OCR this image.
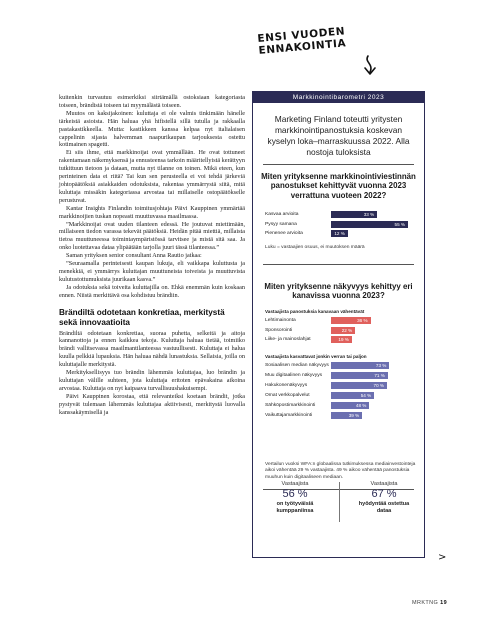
ENSI VUODEN ENNAKOINTIA

kuitenkin turvautuu esimerkiksi siirtämällä ostoksiaan kategoriasta toiseen, brändistä toiseen tai myymälästä toiseen.

Muutos on kaksijakoinen: kuluttaja ei ole valmis tinkimään hänelle tärkeistä asioista. Hän haluaa yhä hifistellä sillä tutulla ja rakkaalla pastakastikkeella. Mutta: kastikkeen kanssa kelpaa nyt italialaisen cappelinin sijasta halvemman naapurikaupan tarjouksesta ostettu kotimainen spagetti.

Ei siis ihme, että markkinoijat ovat ymmällään. He ovat tottuneet rakentamaan näkemyksensä ja ennusteensa tarkoin määritellyistä kerättyyn tutkittuun tietoon ja dataan, mutta nyt tilanne on toinen. Mikä eteen, kun perinteinen data ei riitä? Tai kun sen perusteella ei voi tehdä järkeviä johtopäätöksiä asiakkaiden odotuksista, rakentaa ymmärrystä siitä, mitä kuluttaja missäkin kategoriassa arvostaa tai millaiselle ostopäätökselle perustuvat.

Kantar Insights Finlandin toimitusjohtaja Päivi Kauppinen ymmärtää markkinoijien tuskan nopeasti muuttuvassa maailmassa.

”Markkinoijat ovat uuden tilanteen edessä. He joutuvat miettimään, millaiseen tiedon varassa tekevät päätöksiä. Heidän pitää miettiä, millaista tietoa muuttuneessa toimintaympäristössä tarvitsee ja mistä sitä saa. Ja onko luotettavaa dataa ylipäätään tarjolla juuri tässä tilanteessa.”

Saman yrityksen senior consultant Anna Rautio jatkaa:

”Seuraamalla perinteisesti kaupan lukuja, eli vaikkapa kuluttusta ja menekkiä, ei ymmärrys kuluttajan muuttuneista toiveista ja muuttuvista kulutustottumuksista juurikaan kasva.”

Ja odotuksia sekä toiveita kuluttajilla on. Ehkä enemmän kuin koskaan ennen. Niistä merkittävä osa kohdistuu brändiin.

Brändiltä odotetaan konkretiaa, merkitystä sekä innovaatioita

Brändiltä odotetaan konkretiaa, suoraa puhetta, selkeitä ja aitoja kannanottoja ja ennen kaikkea tekoja. Kuluttaja haluaa tietää, toimiiko brändi vallitsevassa maailmantilanteessa vastuullisesti. Kuluttaja ei halua kuulla pelkkiä lupauksia. Hän haluaa nähdä lunastuksia. Sellaisia, joilla on kuluttajalle merkitystä.

Merkityksellisyys tuo brändin lähemmäs kuluttajaa, luo brändin ja kuluttajan välille suhteen, jota kuluttaja eritoten epävakaina aikoina arvostaa. Kuluttaja on nyt kaipaava turvallisuushakuisempi.

Päivi Kauppinen korostaa, että relevanteiksi koetaan brändit, jotka pystyvät tulemaan lähemmäs kuluttajaa aktiivisesti, merkitystä luovalla kanssakäymisellä ja

Markkinointibarometri 2023
Marketing Finland toteutti yritysten markkinointipanostuksia koskevan kyselyn loka–marraskuussa 2022. Alla nostoja tuloksista
Miten yrityksenne markkinointiviestinnän panostukset kehittyvät vuonna 2023 verrattuna vuoteen 2022?
Kasvaa arvioita	33 %
Pysyy samana	55 %
Pienenee arvioita	12 %
Luku = vastaajien osuus, ei muutoksen määrä
Miten yrityksenne näkyvyys kehittyy eri kanavissa vuonna 2023?
Vastaajista panostuksia kanavaan vähentävät
Lehtimainonta	36 %
Sponsorointi	22 %
Liike- ja mainoslahjat	19 %
Vastaajista kasvattavat jonkin verran tai paljon
Sosiaalisen median näkyvyys	73 %
Muu digitaalinen näkyvyys	71 %
Hakukonenäkyvyys	70 %
Omat verkkopalvelut	54 %
Sähköpostimarkkinointi	48 %
Vaikuttajamarkkinointi	39 %
Vertailun vuoksi WFA:n globaalissa tutkimuksessa mediainvestointeja aikoi vähentää 29 % vastaajista. 49 % aikoo vähentää panostuksia muuhun kuin digitaaliseen mediaan.
Vastaajista
56 %
on työtyväisiä kumppaniinsa
Vastaajista
67 %
hyödyntää ostettua dataa
>
MRKTNG 19
